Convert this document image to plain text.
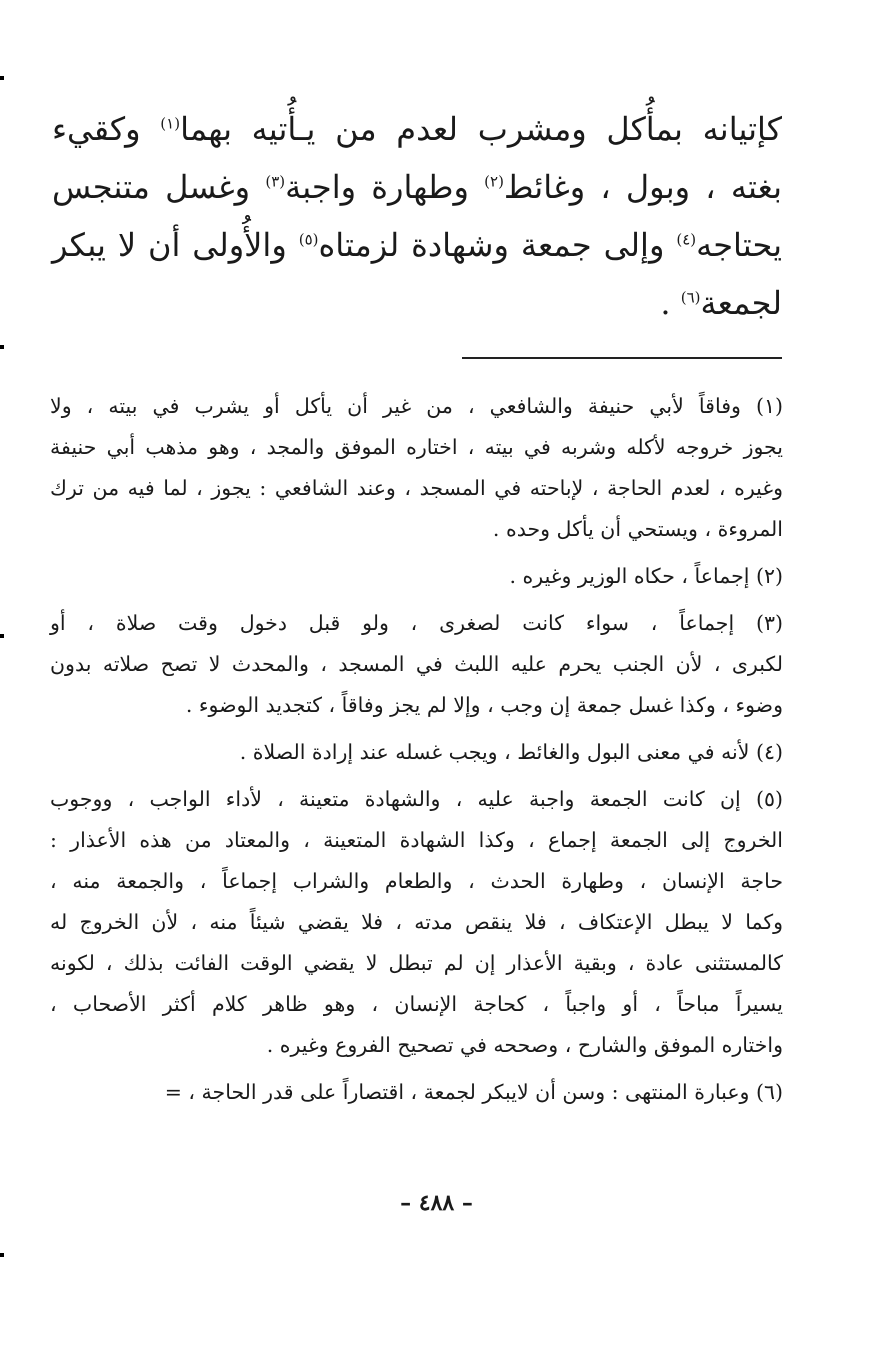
كإتيانه بمأُكل ومشرب لعدم من يـأُتيه بهما$^{(١)}$ وكقيء
بغته ، وبول ، وغائط$^{(٢)}$ وطهارة واجبة$^{(٣)}$ وغسل متنجس
يحتاجه$^{(٤)}$ وإلى جمعة وشهادة لزمتاه$^{(٥)}$ والأُولى أن لا يبكر
لجمعة$^{(٦)}$ .
(١) وفاقاً لأبي حنيفة والشافعي ، من غير أن يأكل أو يشرب في بيته ، ولا
يجوز خروجه لأكله وشربه في بيته ، اختاره الموفق والمجد ، وهو مذهب أبي حنيفة
وغيره ، لعدم الحاجة ، لإباحته في المسجد ، وعند الشافعي : يجوز ، لما فيه من ترك
المروءة ، ويستحي أن يأكل وحده .
(٢) إجماعاً ، حكاه الوزير وغيره .
(٣) إجماعاً ، سواء كانت لصغرى ، ولو قبل دخول وقت صلاة ، أو
لكبرى ، لأن الجنب يحرم عليه اللبث في المسجد ، والمحدث لا تصح صلاته بدون
وضوء ، وكذا غسل جمعة إن وجب ، وإلا لم يجز وفاقاً ، كتجديد الوضوء .
(٤) لأنه في معنى البول والغائط ، ويجب غسله عند إرادة الصلاة .
(٥) إن كانت الجمعة واجبة عليه ، والشهادة متعينة ، لأداء الواجب ، ووجوب
الخروج إلى الجمعة إجماع ، وكذا الشهادة المتعينة ، والمعتاد من هذه الأعذار :
حاجة الإنسان ، وطهارة الحدث ، والطعام والشراب إجماعاً ، والجمعة منه ،
وكما لا يبطل الإعتكاف ، فلا ينقص مدته ، فلا يقضي شيئاً منه ، لأن الخروج له
كالمستثنى عادة ، وبقية الأعذار إن لم تبطل لا يقضي الوقت الفائت بذلك ، لكونه
يسيراً مباحاً ، أو واجباً ، كحاجة الإنسان ، وهو ظاهر كلام أكثر الأصحاب ،
واختاره الموفق والشارح ، وصححه في تصحيح الفروع وغيره .
(٦) وعبارة المنتهى : وسن أن لايبكر لجمعة ، اقتصاراً على قدر الحاجة ، =
– ٤٨٨ –
